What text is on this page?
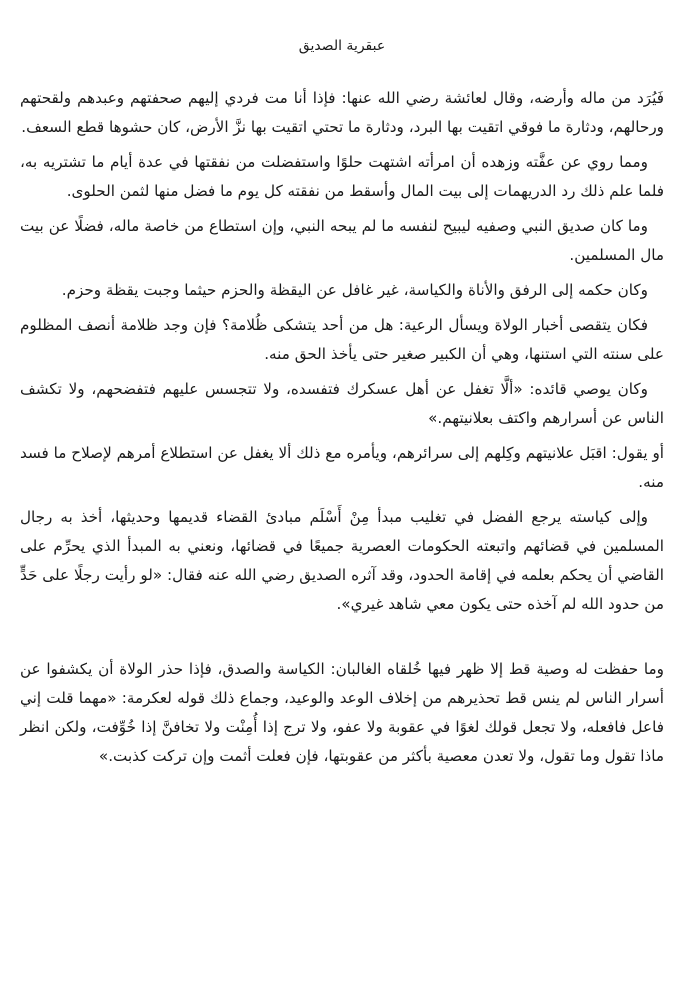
عبقرية الصديق

فَيُرَد من ماله وأرضه، وقال لعائشة رضي الله عنها: فإذا أنا مت فردي إليهم صحفتهم وعبدهم ولقحتهم ورحالهم، ودثارة ما فوقي اتقيت بها البرد، ودثارة ما تحتي اتقيت بها نزَّ الأرض، كان حشوها قطع السعف.

ومما روي عن عفَّته وزهده أن امرأته اشتهت حلوًا واستفضلت من نفقتها في عدة أيام ما تشتريه به، فلما علم ذلك رد الدريهمات إلى بيت المال وأسقط من نفقته كل يوم ما فضل منها لثمن الحلوى.

وما كان صديق النبي وصفيه ليبيح لنفسه ما لم يبحه النبي، وإن استطاع من خاصة ماله، فضلًا عن بيت مال المسلمين.

وكان حكمه إلى الرفق والأناة والكياسة، غير غافل عن اليقظة والحزم حيثما وجبت يقظة وحزم.

فكان يتقصى أخبار الولاة ويسأل الرعية: هل من أحد يتشكى ظُلامة؟ فإن وجد ظلامة أنصف المظلوم على سنته التي استنها، وهي أن الكبير صغير حتى يأخذ الحق منه.

وكان يوصي قائده: «ألَّا تغفل عن أهل عسكرك فتفسده، ولا تتجسس عليهم فتفضحهم، ولا تكشف الناس عن أسرارهم واكتف بعلانيتهم.»

أو يقول: اقبَل علانيتهم وكِلهم إلى سرائرهم، ويأمره مع ذلك ألا يغفل عن استطلاع أمرهم لإصلاح ما فسد منه.

وإلى كياسته يرجع الفضل في تغليب مبدأ مِنْ أَسْلَم مبادئ القضاء قديمها وحديثها، أخذ به رجال المسلمين في قضائهم واتبعته الحكومات العصرية جميعًا في قضائها، ونعني به المبدأ الذي يحرِّم على القاضي أن يحكم بعلمه في إقامة الحدود، وقد آثره الصديق رضي الله عنه فقال: «لو رأيت رجلًا على حَدٍّ من حدود الله لم آخذه حتى يكون معي شاهد غيري».

وما حفظت له وصية قط إلا ظهر فيها خُلقاه الغالبان: الكياسة والصدق، فإذا حذر الولاة أن يكشفوا عن أسرار الناس لم ينس قط تحذيرهم من إخلاف الوعد والوعيد، وجماع ذلك قوله لعكرمة: «مهما قلت إني فاعل فافعله، ولا تجعل قولك لغوًا في عقوبة ولا عفو، ولا ترج إذا أُمِنْت ولا تخافنَّ إذا خُوِّفت، ولكن انظر ماذا تقول وما تقول، ولا تعدن معصية بأكثر من عقوبتها، فإن فعلت أثمت وإن تركت كذبت.»
